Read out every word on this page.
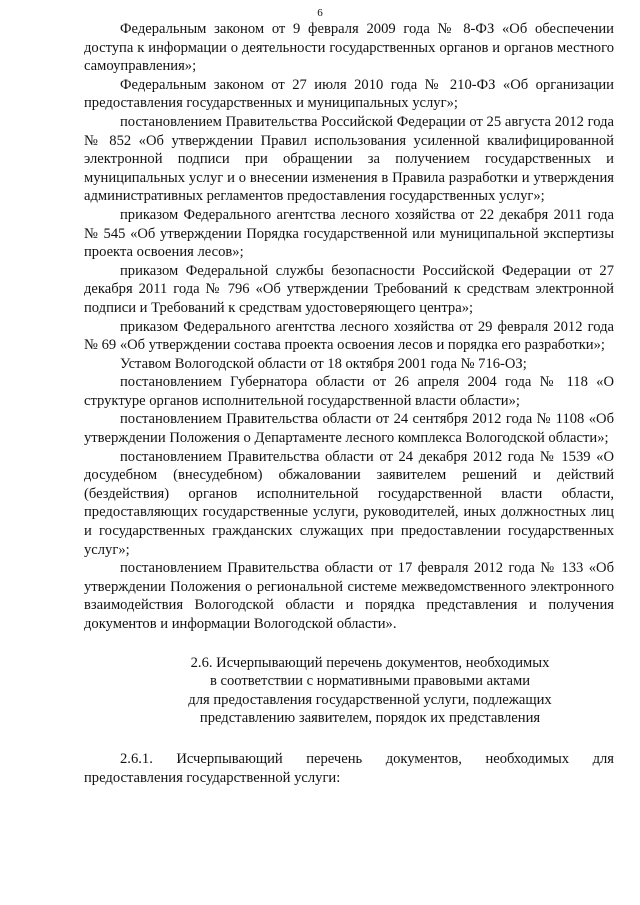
6

Федеральным законом от 9 февраля 2009 года № 8-ФЗ «Об обеспечении доступа к информации о деятельности государственных органов и органов местного самоуправления»;

Федеральным законом от 27 июля 2010 года № 210-ФЗ «Об организации предоставления государственных и муниципальных услуг»;

постановлением Правительства Российской Федерации от 25 августа 2012 года № 852 «Об утверждении Правил использования усиленной квалифицированной электронной подписи при обращении за получением государственных и муниципальных услуг и о внесении изменения в Правила разработки и утверждения административных регламентов предоставления государственных услуг»;

приказом Федерального агентства лесного хозяйства от 22 декабря 2011 года № 545 «Об утверждении Порядка государственной или муниципальной экспертизы проекта освоения лесов»;

приказом Федеральной службы безопасности Российской Федерации от 27 декабря 2011 года № 796 «Об утверждении Требований к средствам электронной подписи и Требований к средствам удостоверяющего центра»;

приказом Федерального агентства лесного хозяйства от 29 февраля 2012 года № 69 «Об утверждении состава проекта освоения лесов и порядка его разработки»;

Уставом Вологодской области от 18 октября 2001 года № 716-ОЗ;

постановлением Губернатора области от 26 апреля 2004 года № 118 «О структуре органов исполнительной государственной власти области»;

постановлением Правительства области от 24 сентября 2012 года № 1108 «Об утверждении Положения о Департаменте лесного комплекса Вологодской области»;

постановлением Правительства области от 24 декабря 2012 года № 1539 «О досудебном (внесудебном) обжаловании заявителем решений и действий (бездействия) органов исполнительной государственной власти области, предоставляющих государственные услуги, руководителей, иных должностных лиц и государственных гражданских служащих при предоставлении государственных услуг»;

постановлением Правительства области от 17 февраля 2012 года № 133 «Об утверждении Положения о региональной системе межведомственного электронного взаимодействия Вологодской области и порядка представления и получения документов и информации Вологодской области».

2.6. Исчерпывающий перечень документов, необходимых
в соответствии с нормативными правовыми актами
для предоставления государственной услуги, подлежащих
представлению заявителем, порядок их представления

2.6.1. Исчерпывающий перечень документов, необходимых для предоставления государственной услуги:
